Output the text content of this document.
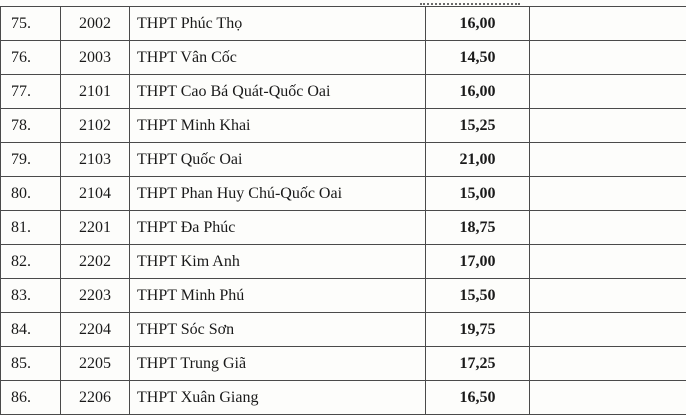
75.	2002	THPT Phúc Thọ	16,00	
76.	2003	THPT Vân Cốc	14,50	
77.	2101	THPT Cao Bá Quát-Quốc Oai	16,00	
78.	2102	THPT Minh Khai	15,25	
79.	2103	THPT Quốc Oai	21,00	
80.	2104	THPT Phan Huy Chú-Quốc Oai	15,00	
81.	2201	THPT Đa Phúc	18,75	
82.	2202	THPT Kim Anh	17,00	
83.	2203	THPT Minh Phú	15,50	
84.	2204	THPT Sóc Sơn	19,75	
85.	2205	THPT Trung Giã	17,25	
86.	2206	THPT Xuân Giang	16,50	
